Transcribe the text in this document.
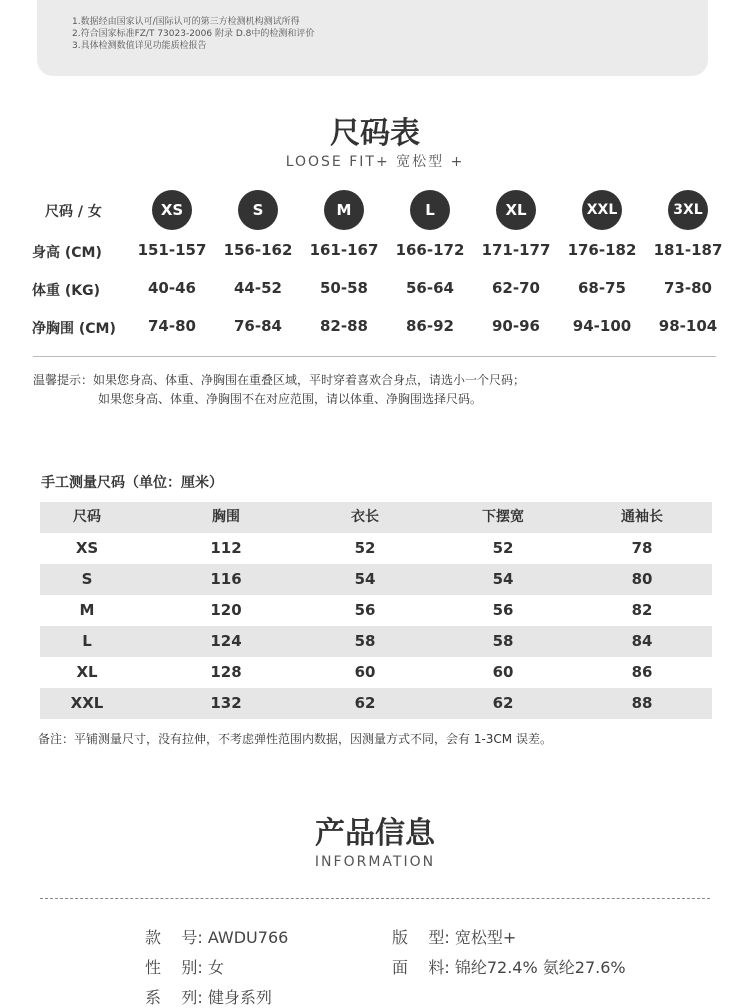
1.数据经由国家认可/国际认可的第三方检测机构测试所得
2.符合国家标准FZ/T 73023-2006 附录 D.8中的检测和评价
3.具体检测数值详见功能质检报告
尺码表
LOOSE FIT+ 宽松型 +
尺码 / 女	XS	S	M	L	XL	XXL	3XL
身高 (CM)	151-157	156-162	161-167	166-172	171-177	176-182	181-187
体重 (KG)	40-46	44-52	50-58	56-64	62-70	68-75	73-80
净胸围 (CM)	74-80	76-84	82-88	86-92	90-96	94-100	98-104
温馨提示：如果您身高、体重、净胸围在重叠区域，平时穿着喜欢合身点，请选小一个尺码；
如果您身高、体重、净胸围不在对应范围，请以体重、净胸围选择尺码。
手工测量尺码（单位：厘米）
尺码	胸围	衣长	下摆宽	通袖长
XS	112	52	52	78
S	116	54	54	80
M	120	56	56	82
L	124	58	58	84
XL	128	60	60	86
XXL	132	62	62	88
备注：平铺测量尺寸，没有拉伸，不考虑弹性范围内数据，因测量方式不同，会有 1-3CM 误差。
产品信息
INFORMATION
款    号: AWDU766	版    型: 宽松型+
性    别: 女	面    料: 锦纶72.4% 氨纶27.6%
系    列: 健身系列
